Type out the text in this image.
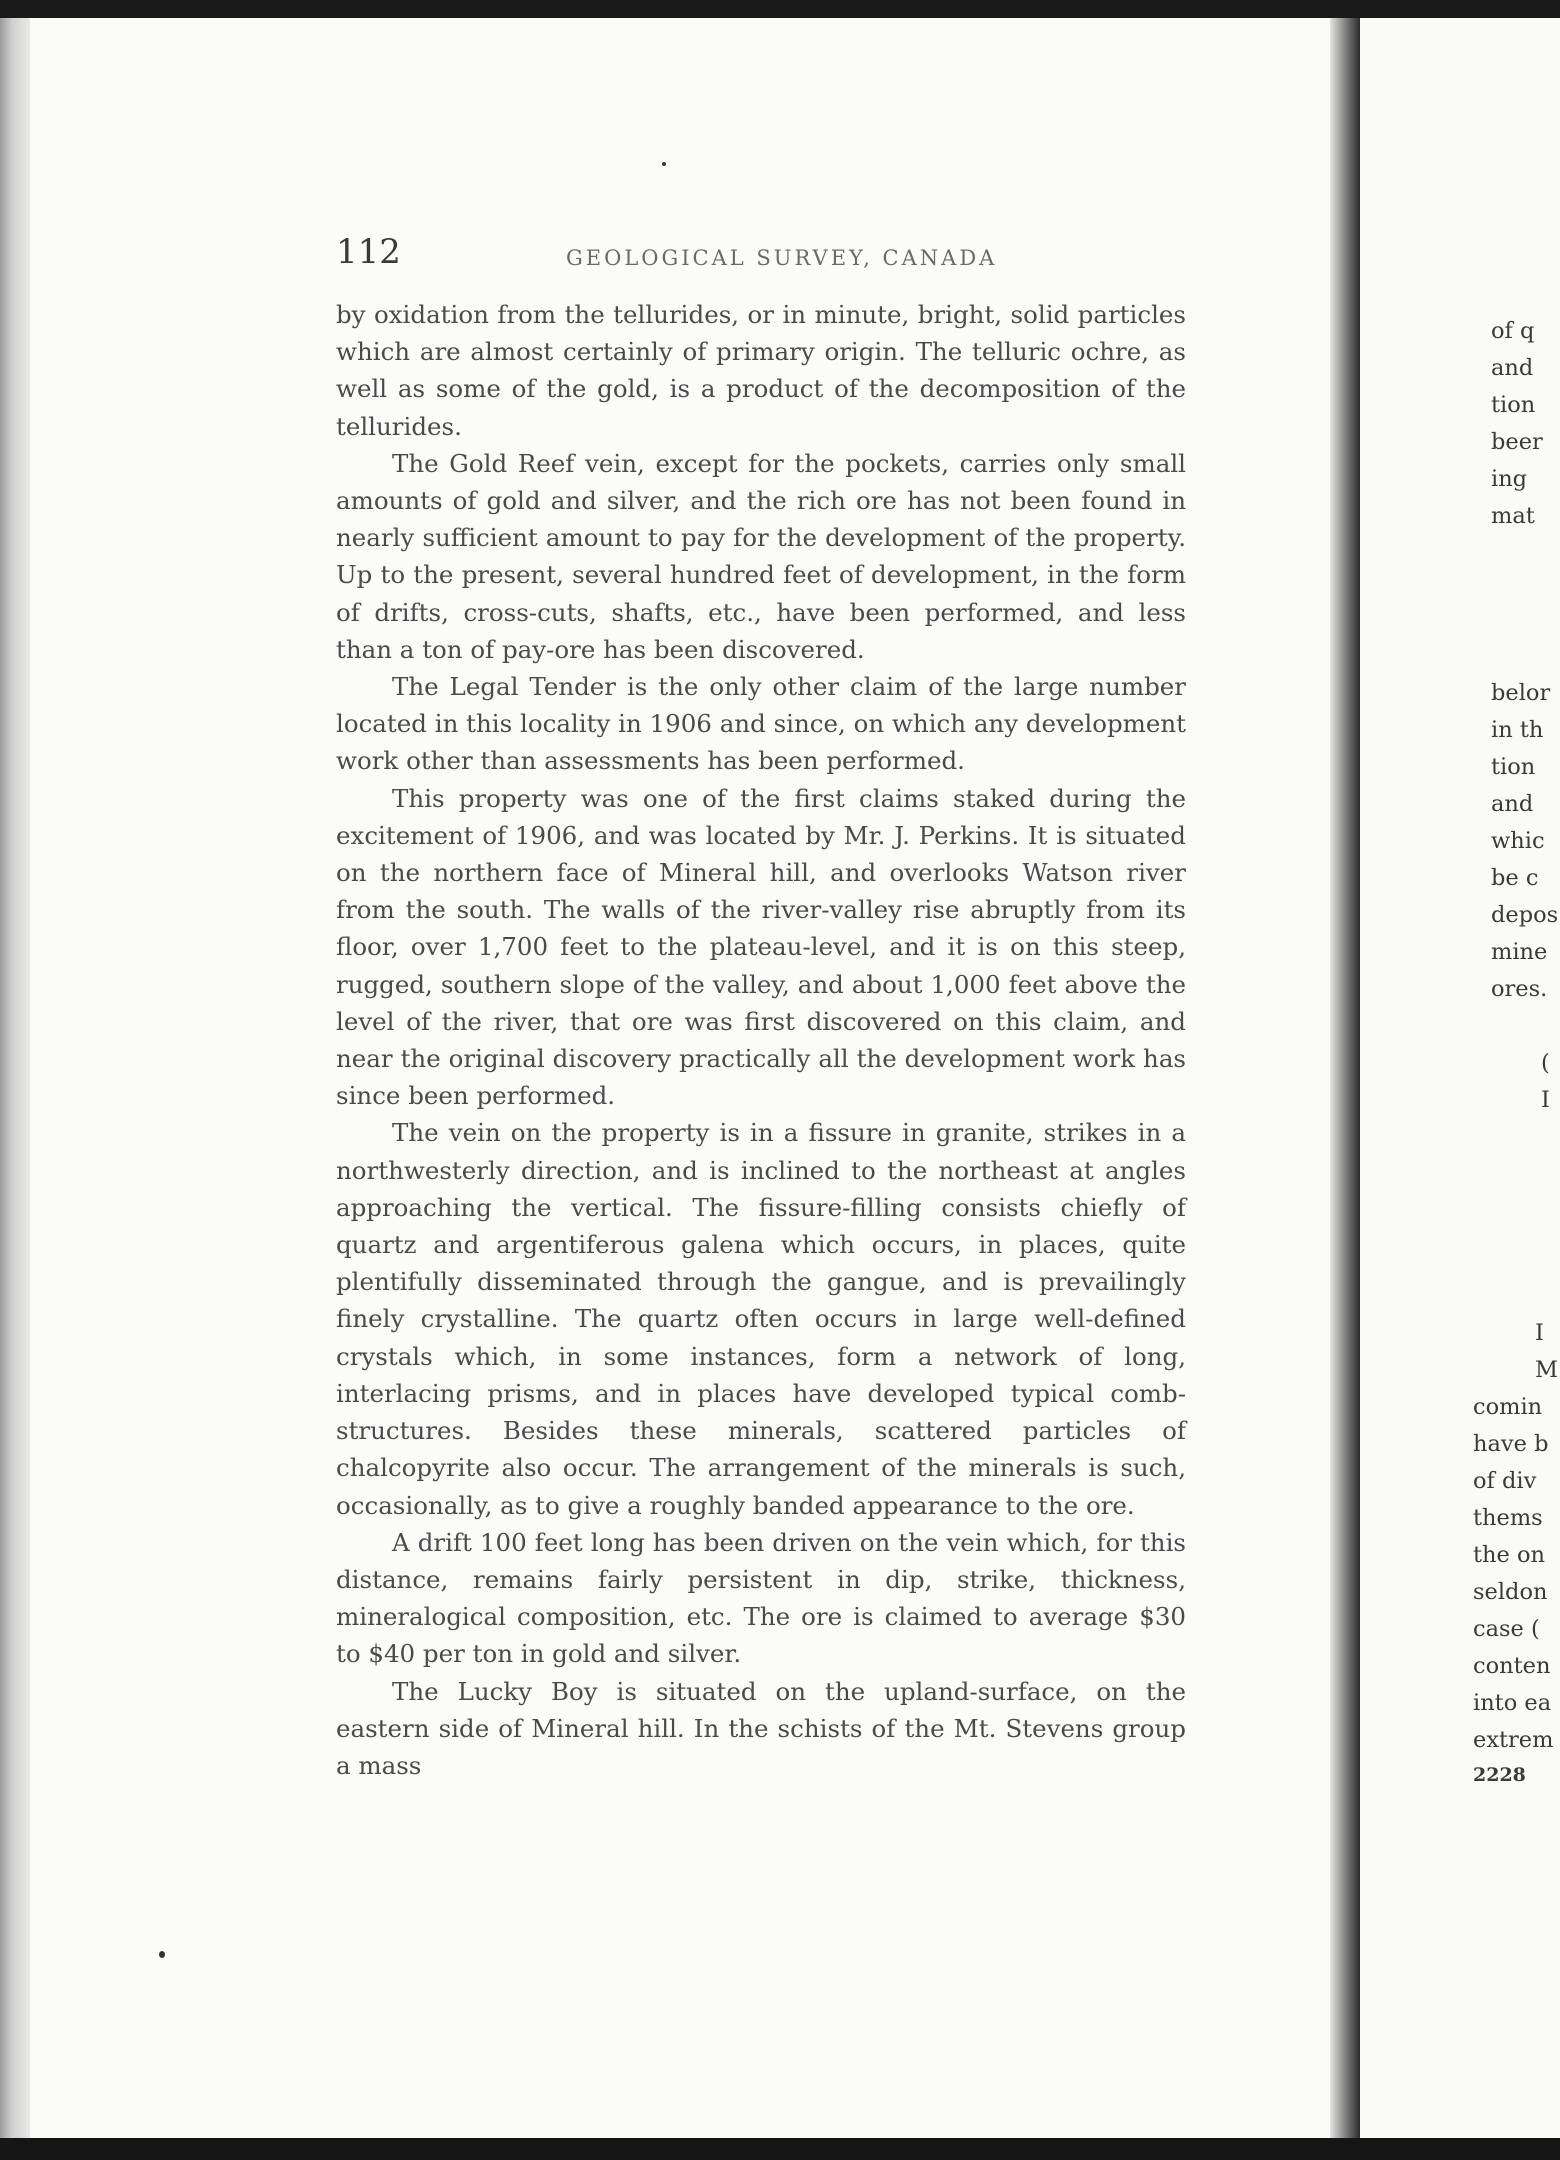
of q
and
tion
beer
ing
mat
belor
in th
tion
and
whic
be c
depos
mine
ores.
(
I
I
M
comin
have b
of div
thems
the on
seldon
case (
conten
into ea
extrem
2228
112	GEOLOGICAL SURVEY, CANADA

by oxidation from the tellurides, or in minute, bright, solid particles which are almost certainly of primary origin. The telluric ochre, as well as some of the gold, is a product of the decomposition of the tellurides.

The Gold Reef vein, except for the pockets, carries only small amounts of gold and silver, and the rich ore has not been found in nearly sufficient amount to pay for the development of the property. Up to the present, several hundred feet of development, in the form of drifts, cross-cuts, shafts, etc., have been performed, and less than a ton of pay-ore has been discovered.

The Legal Tender is the only other claim of the large number located in this locality in 1906 and since, on which any development work other than assessments has been performed.

This property was one of the first claims staked during the excitement of 1906, and was located by Mr. J. Perkins. It is situated on the northern face of Mineral hill, and overlooks Watson river from the south. The walls of the river-valley rise abruptly from its floor, over 1,700 feet to the plateau-level, and it is on this steep, rugged, southern slope of the valley, and about 1,000 feet above the level of the river, that ore was first discovered on this claim, and near the original discovery practically all the development work has since been performed.

The vein on the property is in a fissure in granite, strikes in a northwesterly direction, and is inclined to the northeast at angles approaching the vertical. The fissure-filling consists chiefly of quartz and argentiferous galena which occurs, in places, quite plentifully disseminated through the gangue, and is prevailingly finely crystalline. The quartz often occurs in large well-defined crystals which, in some instances, form a network of long, interlacing prisms, and in places have developed typical comb-structures. Besides these minerals, scattered particles of chalcopyrite also occur. The arrangement of the minerals is such, occasionally, as to give a roughly banded appearance to the ore.

A drift 100 feet long has been driven on the vein which, for this distance, remains fairly persistent in dip, strike, thickness, mineralogical composition, etc. The ore is claimed to average $30 to $40 per ton in gold and silver.

The Lucky Boy is situated on the upland-surface, on the eastern side of Mineral hill. In the schists of the Mt. Stevens group a mass
